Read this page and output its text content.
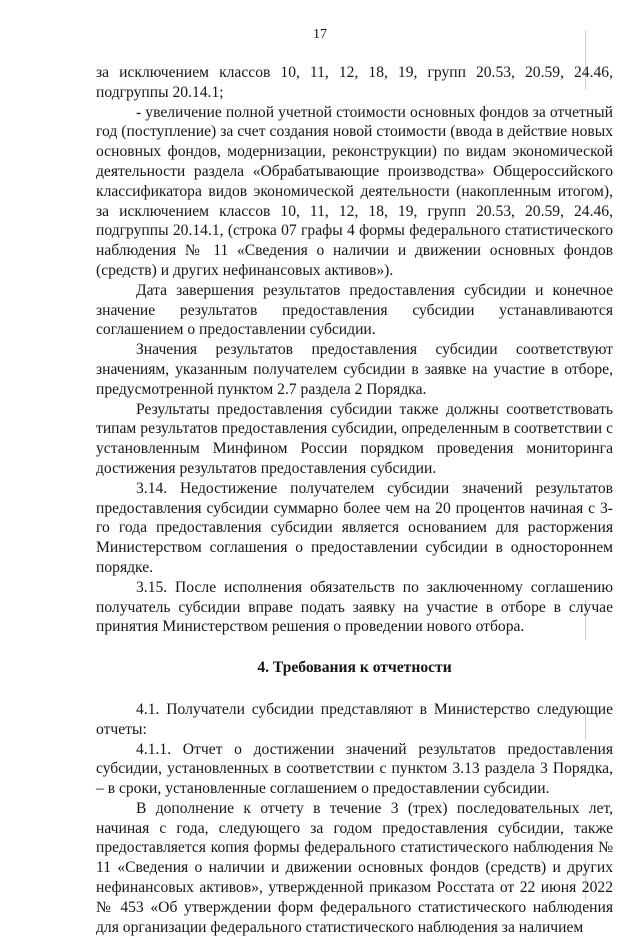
17

за исключением классов 10, 11, 12, 18, 19, групп 20.53, 20.59, 24.46, подгруппы 20.14.1;

- увеличение полной учетной стоимости основных фондов за отчетный год (поступление) за счет создания новой стоимости (ввода в действие новых основных фондов, модернизации, реконструкции) по видам экономической деятельности раздела «Обрабатывающие производства» Общероссийского классификатора видов экономической деятельности (накопленным итогом), за исключением классов 10, 11, 12, 18, 19, групп 20.53, 20.59, 24.46, подгруппы 20.14.1, (строка 07 графы 4 формы федерального статистического наблюдения № 11 «Сведения о наличии и движении основных фондов (средств) и других нефинансовых активов»).

Дата завершения результатов предоставления субсидии и конечное значение результатов предоставления субсидии устанавливаются соглашением о предоставлении субсидии.

Значения результатов предоставления субсидии соответствуют значениям, указанным получателем субсидии в заявке на участие в отборе, предусмотренной пунктом 2.7 раздела 2 Порядка.

Результаты предоставления субсидии также должны соответствовать типам результатов предоставления субсидии, определенным в соответствии с установленным Минфином России порядком проведения мониторинга достижения результатов предоставления субсидии.

3.14. Недостижение получателем субсидии значений результатов предоставления субсидии суммарно более чем на 20 процентов начиная с 3-го года предоставления субсидии является основанием для расторжения Министерством соглашения о предоставлении субсидии в одностороннем порядке.

3.15. После исполнения обязательств по заключенному соглашению получатель субсидии вправе подать заявку на участие в отборе в случае принятия Министерством решения о проведении нового отбора.

4. Требования к отчетности

4.1. Получатели субсидии представляют в Министерство следующие отчеты:

4.1.1. Отчет о достижении значений результатов предоставления субсидии, установленных в соответствии с пунктом 3.13 раздела 3 Порядка, – в сроки, установленные соглашением о предоставлении субсидии.

В дополнение к отчету в течение 3 (трех) последовательных лет, начиная с года, следующего за годом предоставления субсидии, также предоставляется копия формы федерального статистического наблюдения № 11 «Сведения о наличии и движении основных фондов (средств) и других нефинансовых активов», утвержденной приказом Росстата от 22 июня 2022 № 453 «Об утверждении форм федерального статистического наблюдения для организации федерального статистического наблюдения за наличием
